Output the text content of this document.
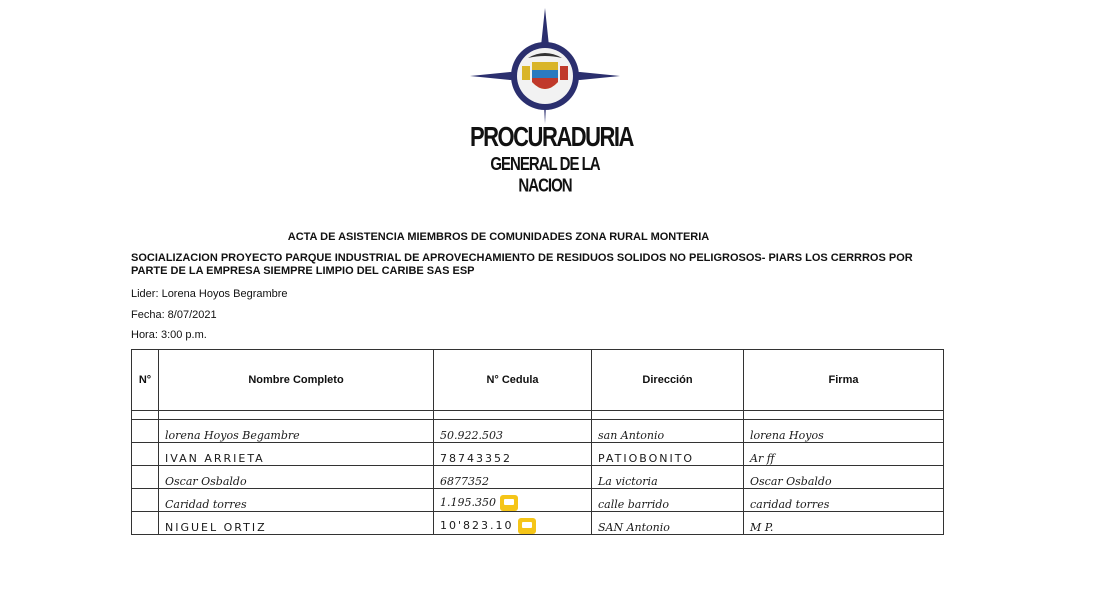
PROCURADURIA
GENERAL DE LA NACION
ACTA DE ASISTENCIA MIEMBROS DE COMUNIDADES ZONA RURAL MONTERIA
SOCIALIZACION PROYECTO PARQUE INDUSTRIAL DE APROVECHAMIENTO DE RESIDUOS SOLIDOS NO PELIGROSOS- PIARS LOS CERRROS POR PARTE DE LA EMPRESA SIEMPRE LIMPIO DEL CARIBE SAS ESP
Lider: Lorena Hoyos Begrambre
Fecha: 8/07/2021
Hora: 3:00 p.m.
N°	Nombre Completo	N° Cedula	Dirección	Firma

	lorena Hoyos Begambre	50.922.503	san Antonio	lorena Hoyos
	IVAN ARRIETA	78743352	PATIOBONITO	Ar ff
	Oscar Osbaldo	6877352	La victoria	Oscar Osbaldo
	Caridad torres	1.195.350	calle barrido	caridad torres
	NIGUEL ORTIZ	10'823.10	SAN Antonio	M P.
